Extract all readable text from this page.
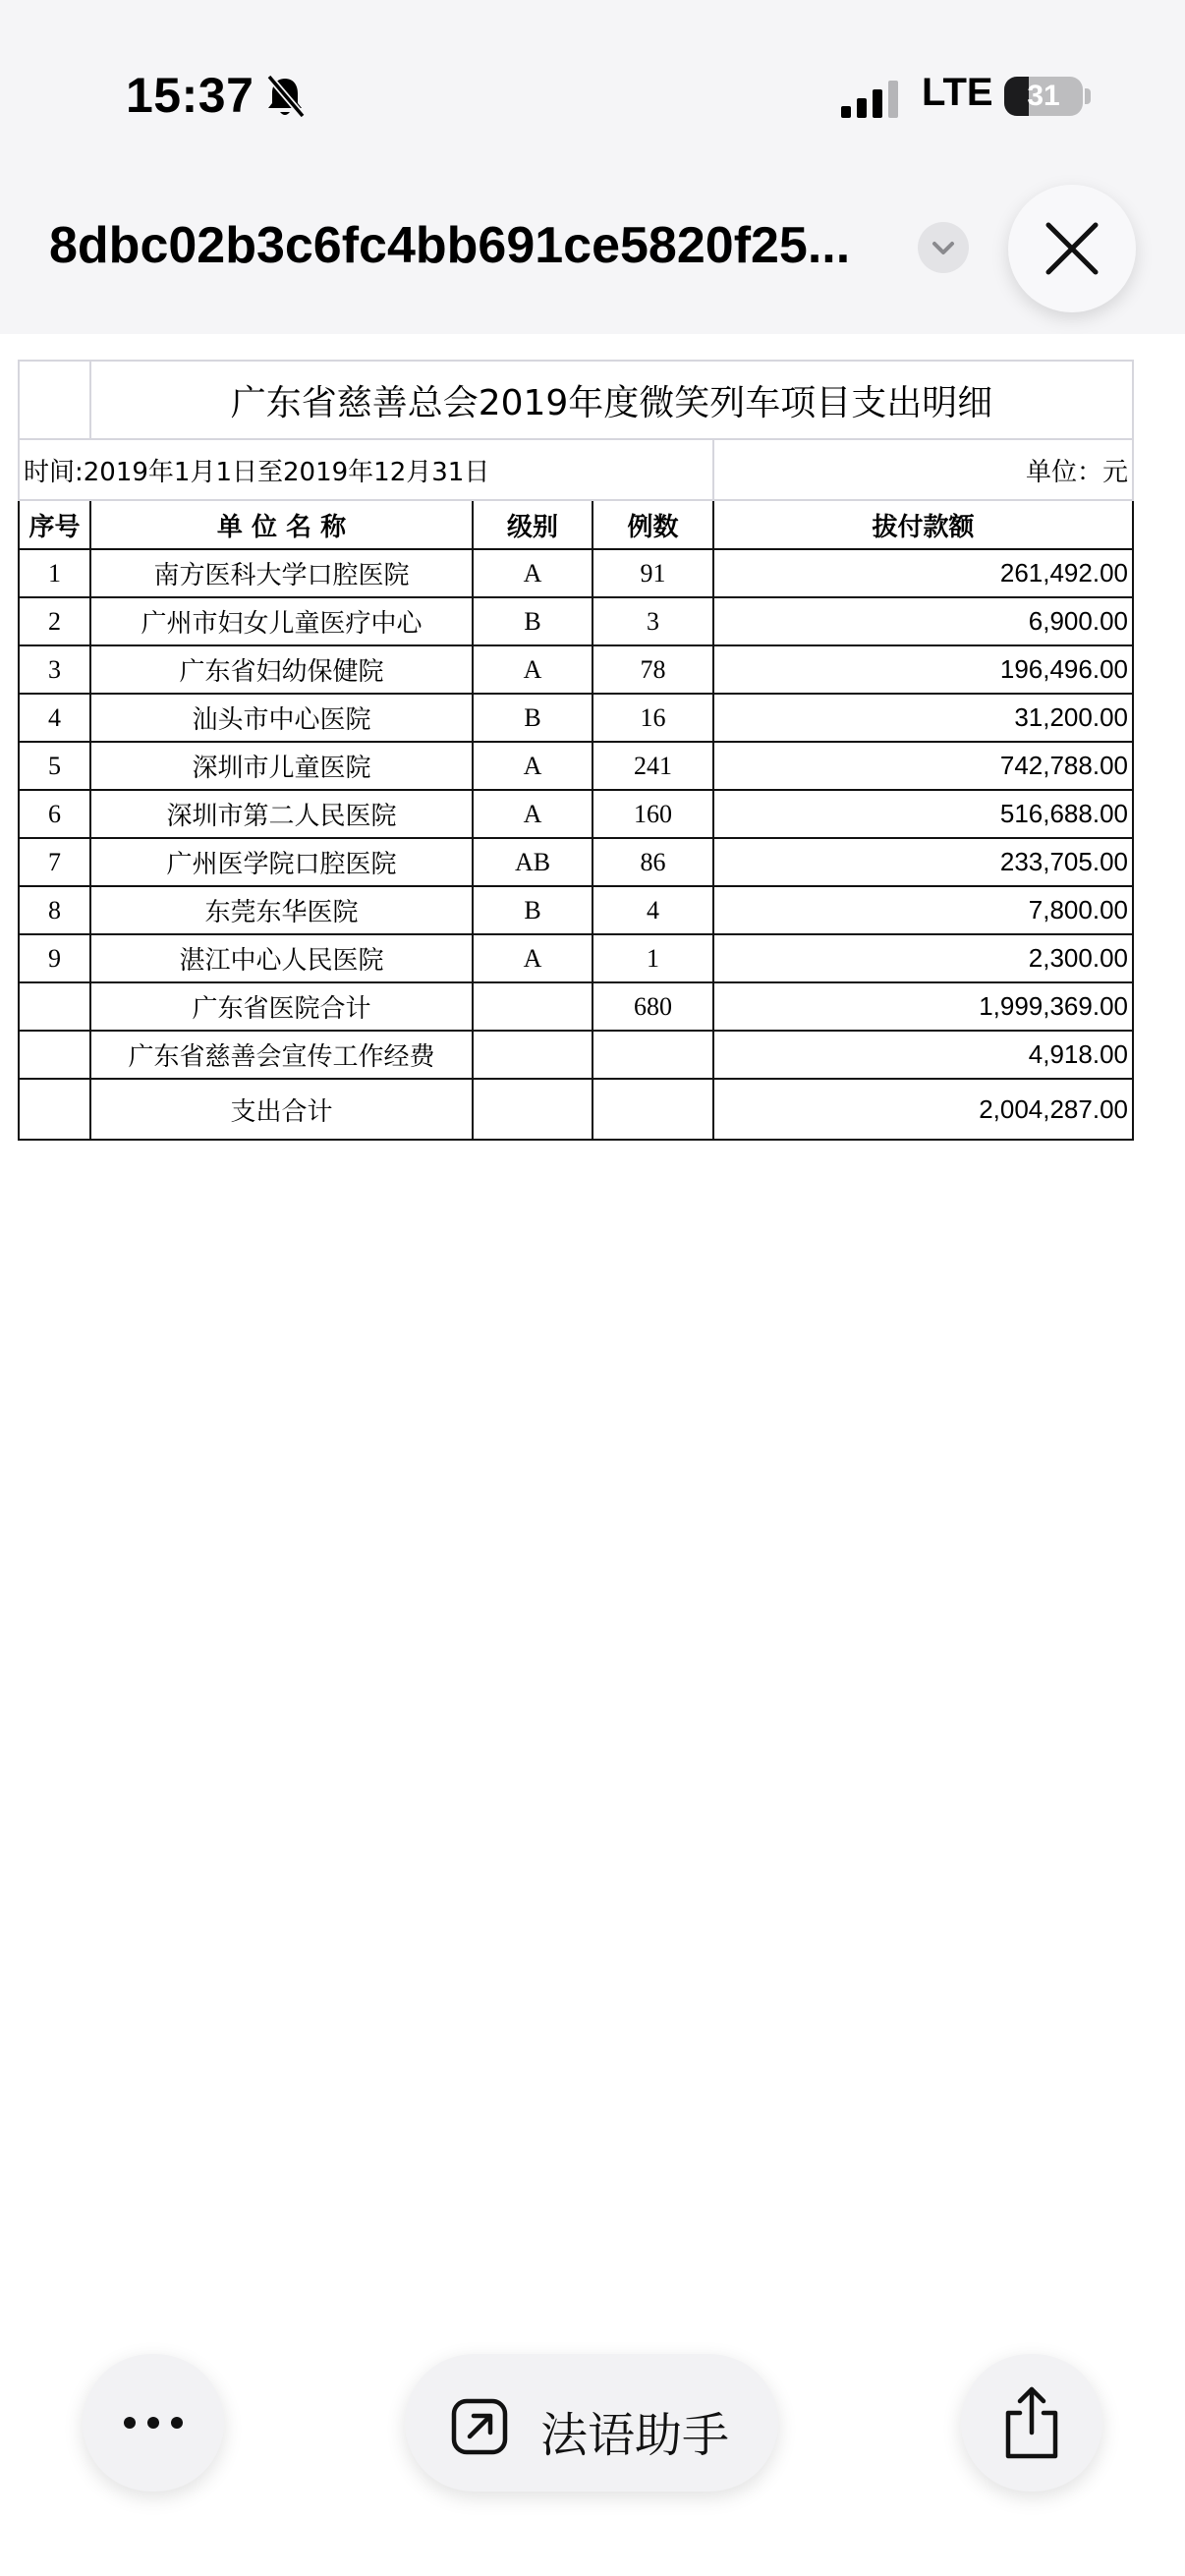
15:37	LTE	31
8dbc02b3c6fc4bb691ce5820f25...
	广东省慈善总会2019年度微笑列车项目支出明细			
时间:2019年1月1日至2019年12月31日				单位：元
序号	单 位 名 称	级别	例数	拔付款额
1	南方医科大学口腔医院	A	91	261,492.00
2	广州市妇女儿童医疗中心	B	3	6,900.00
3	广东省妇幼保健院	A	78	196,496.00
4	汕头市中心医院	B	16	31,200.00
5	深圳市儿童医院	A	241	742,788.00
6	深圳市第二人民医院	A	160	516,688.00
7	广州医学院口腔医院	AB	86	233,705.00
8	东莞东华医院	B	4	7,800.00
9	湛江中心人民医院	A	1	2,300.00
	广东省医院合计		680	1,999,369.00
	广东省慈善会宣传工作经费			4,918.00
	支出合计			2,004,287.00
法语助手
